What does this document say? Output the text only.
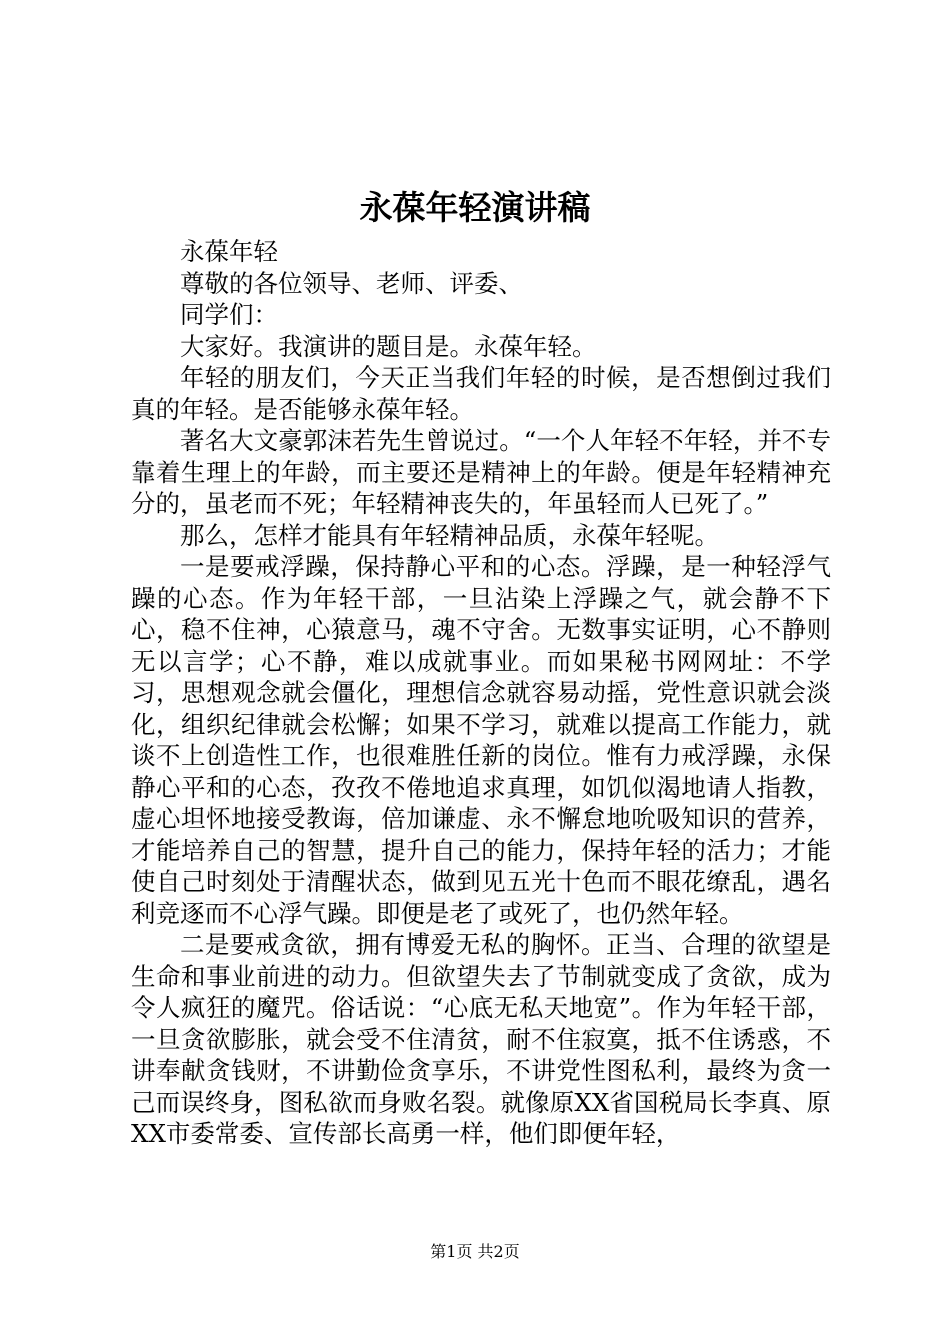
永葆年轻演讲稿

永葆年轻

尊敬的各位领导、老师、评委、

同学们：

大家好。我演讲的题目是。永葆年轻。

年轻的朋友们，今天正当我们年轻的时候，是否想倒过我们真的年轻。是否能够永葆年轻。

著名大文豪郭沫若先生曾说过。“一个人年轻不年轻，并不专靠着生理上的年龄，而主要还是精神上的年龄。便是年轻精神充分的，虽老而不死；年轻精神丧失的，年虽轻而人已死了。”

那么，怎样才能具有年轻精神品质，永葆年轻呢。

一是要戒浮躁，保持静心平和的心态。浮躁，是一种轻浮气躁的心态。作为年轻干部，一旦沾染上浮躁之气，就会静不下心，稳不住神，心猿意马，魂不守舍。无数事实证明，心不静则无以言学；心不静，难以成就事业。而如果秘书网网址：不学习，思想观念就会僵化，理想信念就容易动摇，党性意识就会淡化，组织纪律就会松懈；如果不学习，就难以提高工作能力，就谈不上创造性工作，也很难胜任新的岗位。惟有力戒浮躁，永保静心平和的心态，孜孜不倦地追求真理，如饥似渴地请人指教，虚心坦怀地接受教诲，倍加谦虚、永不懈怠地吮吸知识的营养，才能培养自己的智慧，提升自己的能力，保持年轻的活力；才能使自己时刻处于清醒状态，做到见五光十色而不眼花缭乱，遇名利竞逐而不心浮气躁。即便是老了或死了，也仍然年轻。

二是要戒贪欲，拥有博爱无私的胸怀。正当、合理的欲望是生命和事业前进的动力。但欲望失去了节制就变成了贪欲，成为令人疯狂的魔咒。俗话说：“心底无私天地宽”。作为年轻干部，一旦贪欲膨胀，就会受不住清贫，耐不住寂寞，抵不住诱惑，不讲奉献贪钱财，不讲勤俭贪享乐，不讲党性图私利，最终为贪一己而误终身，图私欲而身败名裂。就像原XX省国税局长李真、原XX市委常委、宣传部长高勇一样，他们即便年轻，

第1页 共2页
